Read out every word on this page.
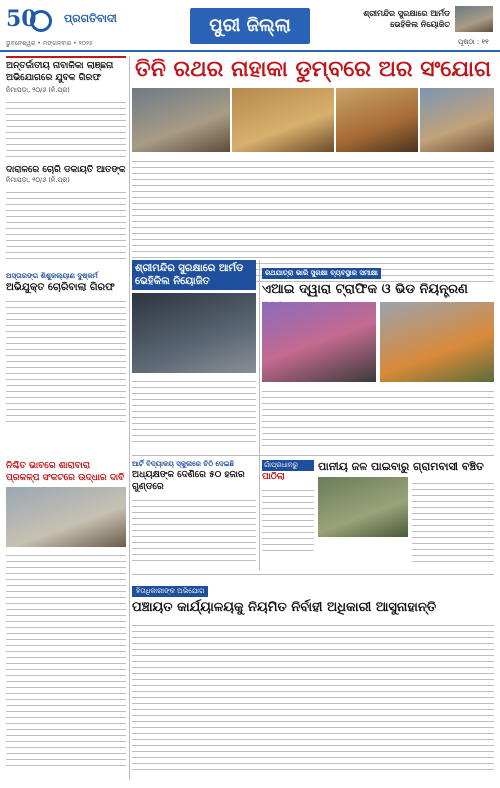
50 ପ୍ରଗତିବାଦୀ
ଭୁବନେଶ୍ୱର • ମଙ୍ଗଳବାର • ୨୦୨୫
ପୁରୀ ଜିଲ୍ଲା
ଶ୍ରୀମନ୍ଦିର ସୁରକ୍ଷାରେ ଆର୍ମଡ ଭେହିକିଲ ନିୟୋଜିତ
ପୃଷ୍ଠା : ୧୧
ଅନ୍ତର୍ଜାତୀୟ ନାବାଳିକା ଲାଞ୍ଛନା ଅଭିଯୋଗରେ ଯୁବକ ଗିରଫ
ନିମାପଡ଼ା, ୨୦/୬ (ନି.ପ୍ର)
ତିନି ରଥର ନାହାକା ଡୁମ୍ବରେ ଅର ସଂଯୋଗ
ଦାରାଳରେ ଚୋରି ଡକାୟତି ଆତଙ୍କ
ନିମାପଡ଼ା, ୨୦/୬ (ନି.ପ୍ର)
ଅସ୍ତାରଙ୍ଗ ଶିଶୁକଲ୍ୟାଣ ଦୁଷ୍କର୍ମ
ଅଭିଯୁକ୍ତ ଚୋରିବାଲା ଗିରଫ
ଶ୍ରୀମନ୍ଦିର ସୁରକ୍ଷାରେ ଆର୍ମଡ ଭେହିକିଲ ନିୟୋଜିତ
ରଥଯାତ୍ରା ଭାରି ସୁରକ୍ଷା ବ୍ୟବସ୍ଥାର ସମୀକ୍ଷା
ଏଆଇ ଦ୍ୱାରା ଟ୍ରାଫିକ ଓ ଭିଡ ନିୟନ୍ତ୍ରଣ
ନିଶ୍ଚିତ ଭାବରେ ଶାରାବାରା ପ୍ରକଳ୍ପ ସଂକଟରେ ଉଦ୍ଧାର ଦାବି
ଆର୍ଟି ବିଦ୍ୟାଳୟ ସ୍କୁଲରେ ଚିଠି ଦେଇଛି
ଅଧ୍ୟକ୍ଷଙ୍କ ଦେଣିରେ ୫୦ ହଜାର ଗୁଣ୍ଡରେ
ଗାଁପ୍ରଧାନରୁ
ପାଠିଲା
ପାନୀୟ ଜଳ ପାଇବାରୁ ଗ୍ରାମବାସୀ ବଞ୍ଚିତ
ହିତାଧିକାରୀଙ୍କ ଅଭିଯୋଗ
ପଞ୍ଚାୟତ କାର୍ଯ୍ୟାଳୟକୁ ନିୟମିତ ନିର୍ବାହୀ ଅଧିକାରୀ ଆସୁନାହାନ୍ତି
